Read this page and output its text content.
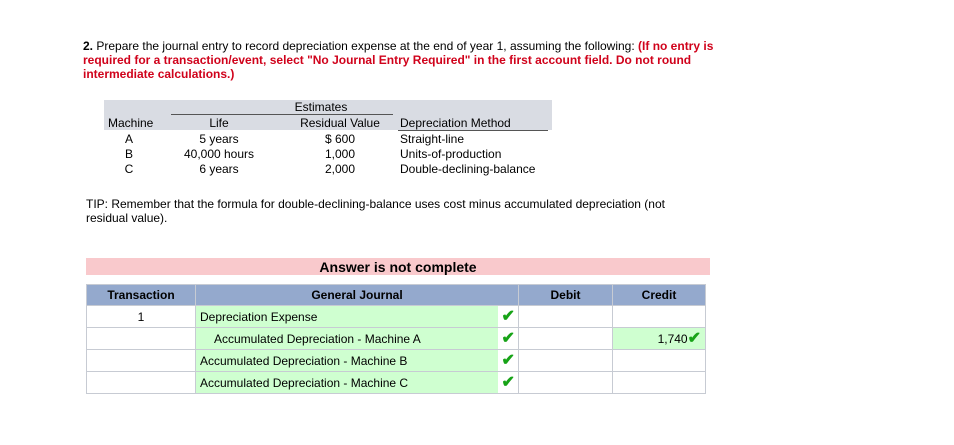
2. Prepare the journal entry to record depreciation expense at the end of year 1, assuming the following: (If no entry is required for a transaction/event, select "No Journal Entry Required" in the first account field. Do not round intermediate calculations.)
Estimates
Machine	Life	Residual Value	Depreciation Method
A	5 years	$ 600	Straight-line
B	40,000 hours	1,000	Units-of-production
C	6 years	2,000	Double-declining-balance
TIP: Remember that the formula for double-declining-balance uses cost minus accumulated depreciation (not residual value).
Answer is not complete
Transaction	General Journal		Debit	Credit
1	Depreciation Expense	✔		
	Accumulated Depreciation - Machine A	✔		1,740✔
	Accumulated Depreciation - Machine B	✔		
	Accumulated Depreciation - Machine C	✔		
